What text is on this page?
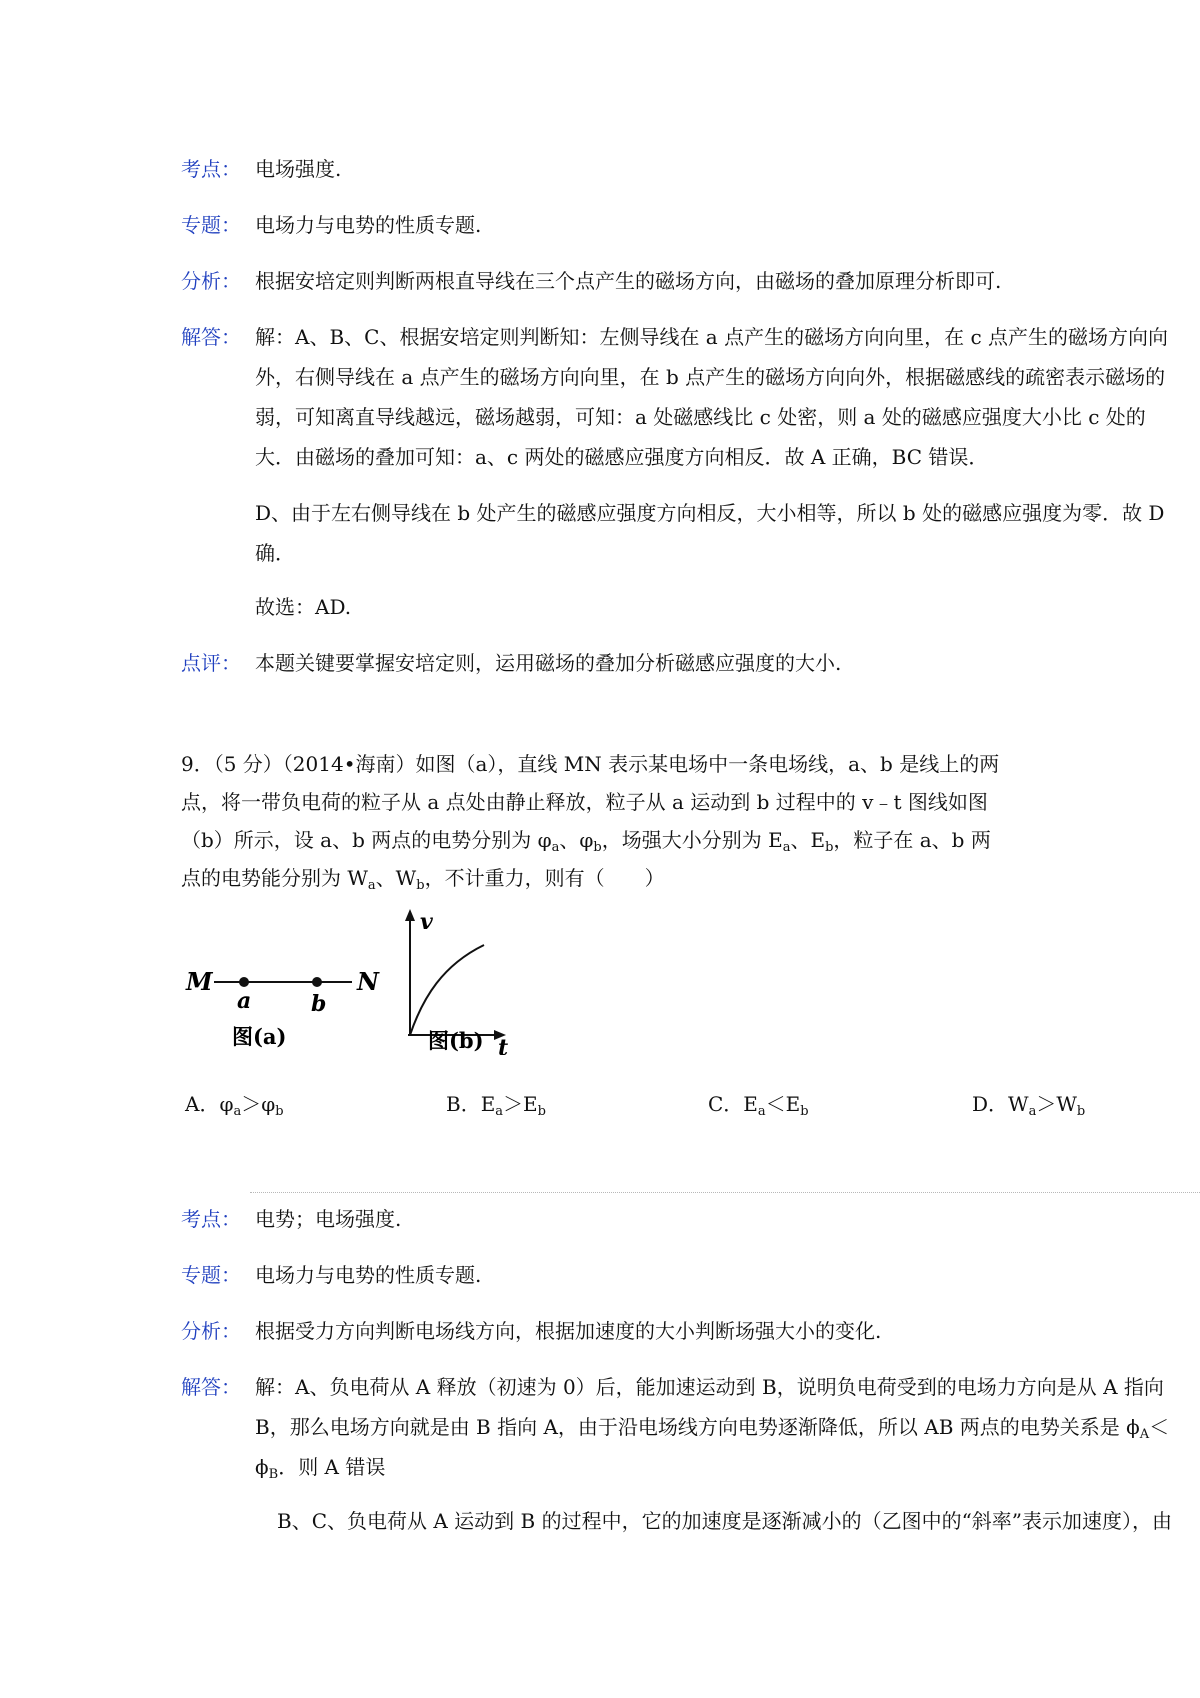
考点： 电场强度.
专题： 电场力与电势的性质专题.
分析： 根据安培定则判断两根直导线在三个点产生的磁场方向，由磁场的叠加原理分析即可.
解答： 解：A、B、C、根据安培定则判断知：左侧导线在 a 点产生的磁场方向向里，在 c 点产生的磁场方向向
外，右侧导线在 a 点产生的磁场方向向里，在 b 点产生的磁场方向向外，根据磁感线的疏密表示磁场的
弱，可知离直导线越远，磁场越弱，可知：a 处磁感线比 c 处密，则 a 处的磁感应强度大小比 c 处的
大．由磁场的叠加可知：a、c 两处的磁感应强度方向相反．故 A 正确，BC 错误．
D、由于左右侧导线在 b 处产生的磁感应强度方向相反，大小相等，所以 b 处的磁感应强度为零．故 D
确．
故选：AD.
点评： 本题关键要掌握安培定则，运用磁场的叠加分析磁感应强度的大小.
9．（5 分）（2014•海南）如图（a），直线 MN 表示某电场中一条电场线，a、b 是线上的两
点，将一带负电荷的粒子从 a 点处由静止释放，粒子从 a 运动到 b 过程中的 v﹣t 图线如图
（b）所示，设 a、b 两点的电势分别为 $\varphi_a$、$\varphi_b$，场强大小分别为 $E_a$、$E_b$，粒子在 a、b 两
点的电势能分别为 $W_a$、$W_b$，不计重力，则有（　　）
M	N
a	b
图(a)
v
t
图(b)
A．$\varphi_a>\varphi_b$	B．$E_a>E_b$	C．$E_a<E_b$	D．$W_a>W_b$
考点： 电势；电场强度.
专题： 电场力与电势的性质专题.
分析： 根据受力方向判断电场线方向，根据加速度的大小判断场强大小的变化.
解答： 解：A、负电荷从 A 释放（初速为 0）后，能加速运动到 B，说明负电荷受到的电场力方向是从 A 指向
B，那么电场方向就是由 B 指向 A，由于沿电场线方向电势逐渐降低，所以 AB 两点的电势关系是 $\phi_A<$
$\phi_B$．则 A 错误
B、C、负电荷从 A 运动到 B 的过程中，它的加速度是逐渐减小的（乙图中的“斜率”表示加速度），由
